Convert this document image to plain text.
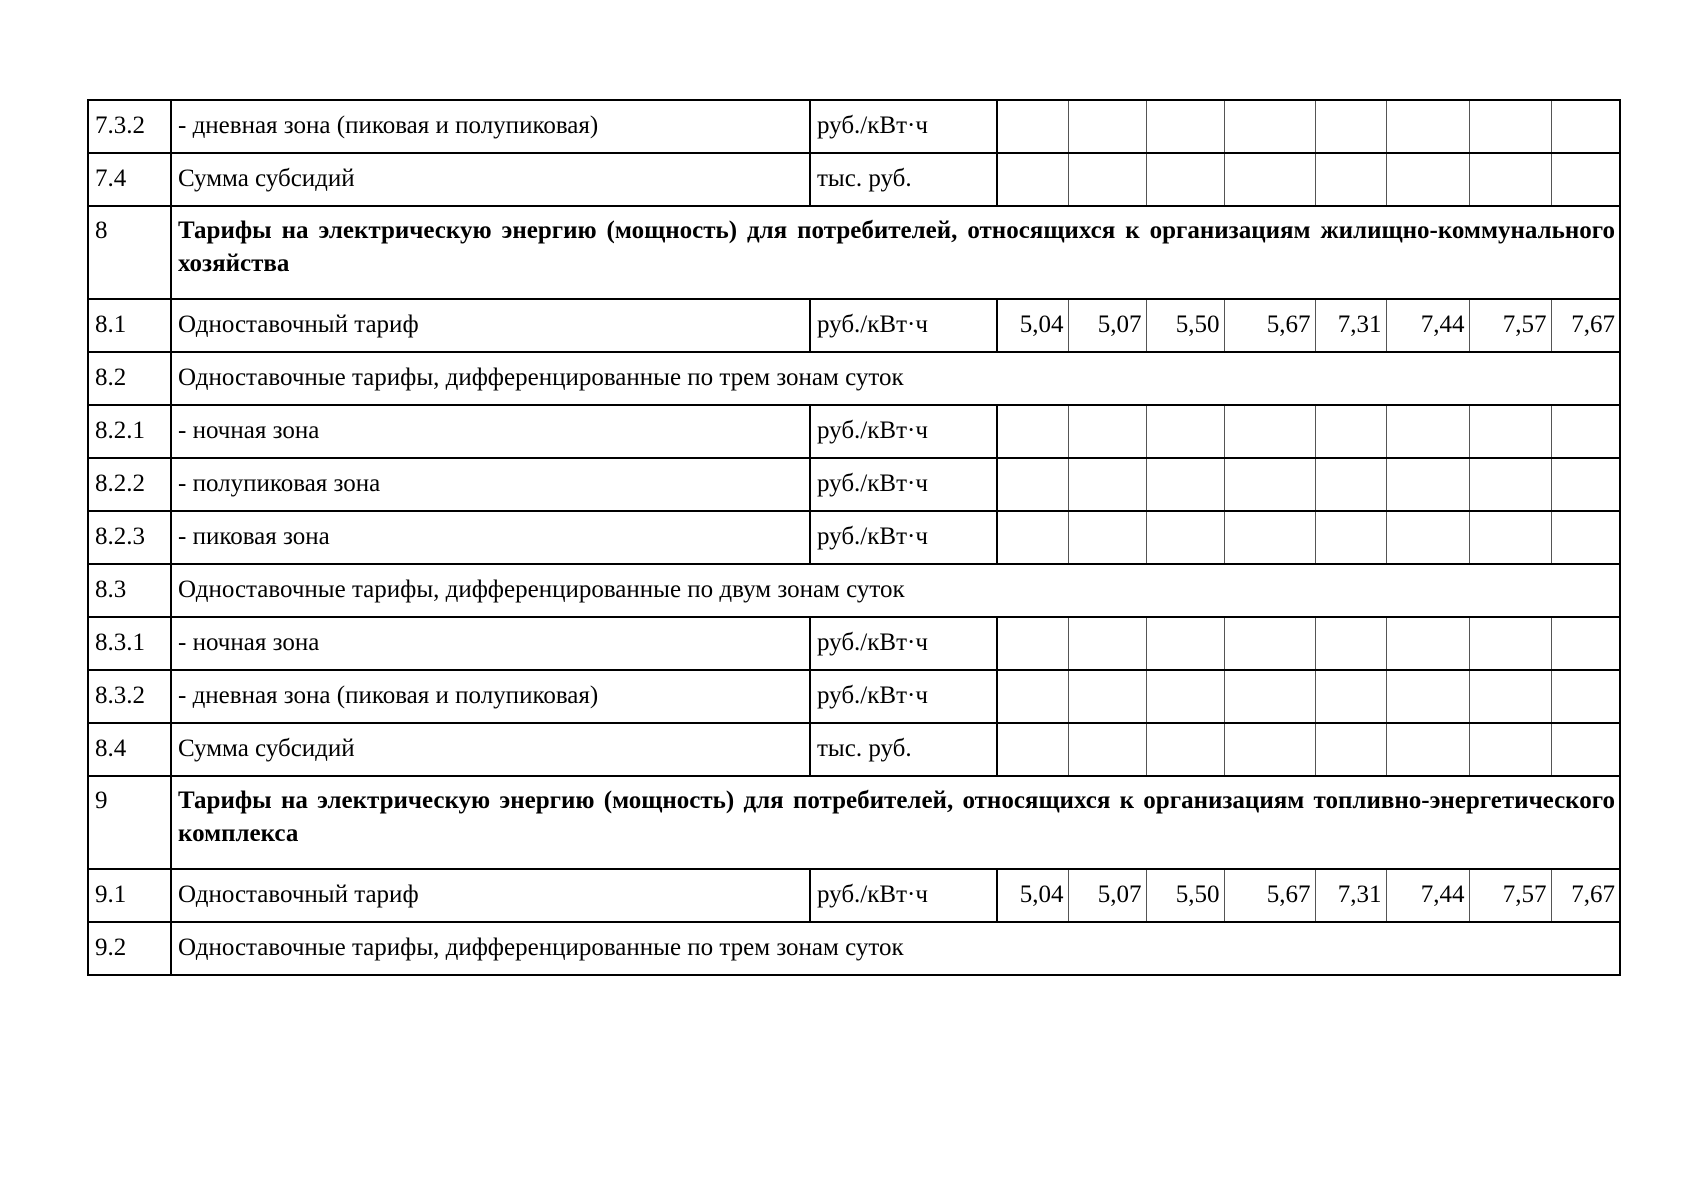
7.3.2	- дневная зона (пиковая и полупиковая)	руб./кВт·ч								
7.4	Сумма субсидий	тыс. руб.								
8	Тарифы на электрическую энергию (мощность) для потребителей, относящихся к организациям жилищно-коммунального хозяйства									
8.1	Одноставочный тариф	руб./кВт·ч	5,04	5,07	5,50	5,67	7,31	7,44	7,57	7,67
8.2	Одноставочные тарифы, дифференцированные по трем зонам суток									
8.2.1	- ночная зона	руб./кВт·ч								
8.2.2	- полупиковая зона	руб./кВт·ч								
8.2.3	- пиковая зона	руб./кВт·ч								
8.3	Одноставочные тарифы, дифференцированные по двум зонам суток									
8.3.1	- ночная зона	руб./кВт·ч								
8.3.2	- дневная зона (пиковая и полупиковая)	руб./кВт·ч								
8.4	Сумма субсидий	тыс. руб.								
9	Тарифы на электрическую энергию (мощность) для потребителей, относящихся к организациям топливно-энергетического комплекса									
9.1	Одноставочный тариф	руб./кВт·ч	5,04	5,07	5,50	5,67	7,31	7,44	7,57	7,67
9.2	Одноставочные тарифы, дифференцированные по трем зонам суток									
